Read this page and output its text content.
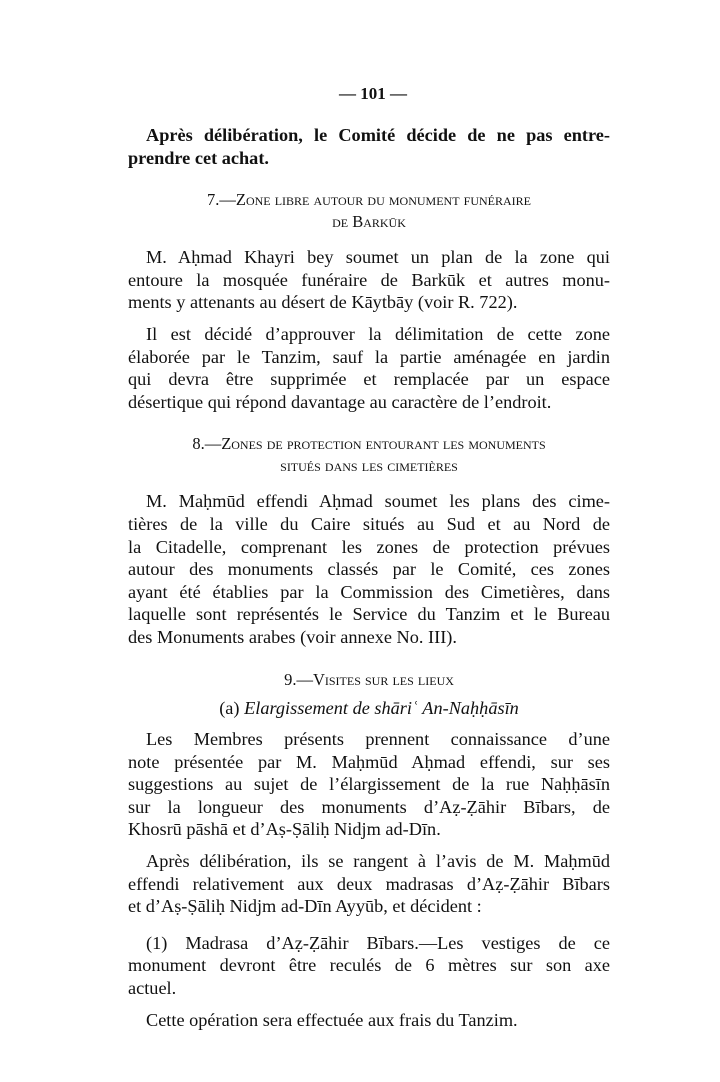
— 101 —
Après délibération, le Comité décide de ne pas entre-
prendre cet achat.
7.—Zone libre autour du monument funéraire
de Barkūk
M. Aḥmad Khayri bey soumet un plan de la zone qui
entoure la mosquée funéraire de Barkūk et autres monu-
ments y attenants au désert de Kāytbāy (voir R. 722).
Il est décidé d’approuver la délimitation de cette zone
élaborée par le Tanzim, sauf la partie aménagée en jardin
qui devra être supprimée et remplacée par un espace
désertique qui répond davantage au caractère de l’endroit.
8.—Zones de protection entourant les monuments
situés dans les cimetières
M. Maḥmūd effendi Aḥmad soumet les plans des cime-
tières de la ville du Caire situés au Sud et au Nord de
la Citadelle, comprenant les zones de protection prévues
autour des monuments classés par le Comité, ces zones
ayant été établies par la Commission des Cimetières, dans
laquelle sont représentés le Service du Tanzim et le Bureau
des Monuments arabes (voir annexe No. III).
9.—Visites sur les lieux
(a) Elargissement de shāriʿ An-Naḥḥāsīn
Les Membres présents prennent connaissance d’une
note présentée par M. Maḥmūd Aḥmad effendi, sur ses
suggestions au sujet de l’élargissement de la rue Naḥḥāsīn
sur la longueur des monuments d’Aẓ-Ẓāhir Bībars, de
Khosrū pāshā et d’Aṣ-Ṣāliḥ Nidjm ad-Dīn.
Après délibération, ils se rangent à l’avis de M. Maḥmūd
effendi relativement aux deux madrasas d’Aẓ-Ẓāhir Bībars
et d’Aṣ-Ṣāliḥ Nidjm ad-Dīn Ayyūb, et décident :
(1) Madrasa d’Aẓ-Ẓāhir Bībars.—Les vestiges de ce
monument devront être reculés de 6 mètres sur son axe
actuel.
Cette opération sera effectuée aux frais du Tanzim.
